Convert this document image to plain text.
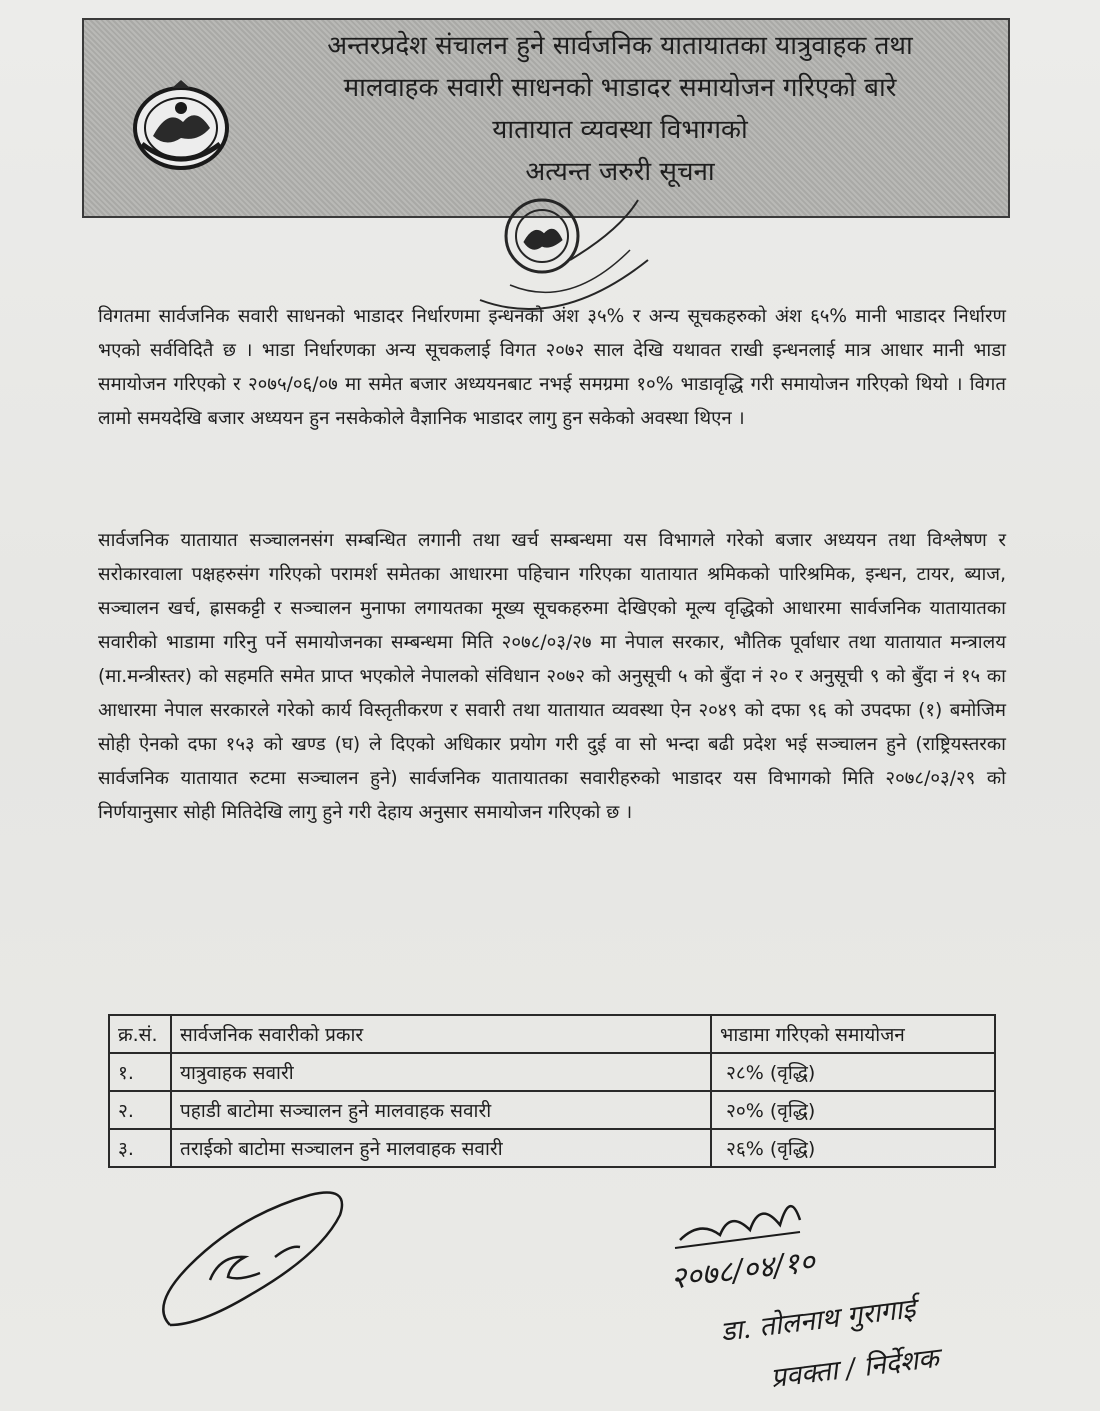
अन्तरप्रदेश संचालन हुने सार्वजनिक यातायातका यात्रुवाहक तथा
मालवाहक सवारी साधनको भाडादर समायोजन गरिएको बारे
यातायात व्यवस्था विभागको
अत्यन्त जरुरी सूचना
विगतमा सार्वजनिक सवारी साधनको भाडादर निर्धारणमा इन्धनको अंश ३५% र अन्य सूचकहरुको अंश ६५% मानी भाडादर निर्धारण भएको सर्वविदितै छ । भाडा निर्धारणका अन्य सूचकलाई विगत २०७२ साल देखि यथावत राखी इन्धनलाई मात्र आधार मानी भाडा समायोजन गरिएको र २०७५/०६/०७ मा समेत बजार अध्ययनबाट नभई समग्रमा १०% भाडावृद्धि गरी समायोजन गरिएको थियो । विगत लामो समयदेखि बजार अध्ययन हुन नसकेकोले वैज्ञानिक भाडादर लागु हुन सकेको अवस्था थिएन ।
सार्वजनिक यातायात सञ्चालनसंग सम्बन्धित लगानी तथा खर्च सम्बन्धमा यस विभागले गरेको बजार अध्ययन तथा विश्लेषण र सरोकारवाला पक्षहरुसंग गरिएको परामर्श समेतका आधारमा पहिचान गरिएका यातायात श्रमिकको पारिश्रमिक, इन्धन, टायर, ब्याज, सञ्चालन खर्च, ह्रासकट्टी र सञ्चालन मुनाफा लगायतका मूख्य सूचकहरुमा देखिएको मूल्य वृद्धिको आधारमा सार्वजनिक यातायातका सवारीको भाडामा गरिनु पर्ने समायोजनका सम्बन्धमा मिति २०७८/०३/२७ मा नेपाल सरकार, भौतिक पूर्वाधार तथा यातायात मन्त्रालय (मा.मन्त्रीस्तर) को सहमति समेत प्राप्त भएकोले नेपालको संविधान २०७२ को अनुसूची ५ को बुँदा नं २० र अनुसूची ९ को बुँदा नं १५ का आधारमा नेपाल सरकारले गरेको कार्य विस्तृतीकरण र सवारी तथा यातायात व्यवस्था ऐन २०४९ को दफा ९६ को उपदफा (१) बमोजिम सोही ऐनको दफा १५३ को खण्ड (घ) ले दिएको अधिकार प्रयोग गरी दुई वा सो भन्दा बढी प्रदेश भई सञ्चालन हुने (राष्ट्रियस्तरका सार्वजनिक यातायात रुटमा सञ्चालन हुने) सार्वजनिक यातायातका सवारीहरुको भाडादर यस विभागको मिति २०७८/०३/२९ को निर्णयानुसार सोही मितिदेखि लागु हुने गरी देहाय अनुसार समायोजन गरिएको छ ।
क्र.सं.	सार्वजनिक सवारीको प्रकार	भाडामा गरिएको समायोजन
१.	यात्रुवाहक सवारी	२८% (वृद्धि)
२.	पहाडी बाटोमा सञ्चालन हुने मालवाहक सवारी	२०% (वृद्धि)
३.	तराईको बाटोमा सञ्चालन हुने मालवाहक सवारी	२६% (वृद्धि)
२०७८/०४/१०
डा. तोलनाथ गुरागाई
प्रवक्ता / निर्देशक
